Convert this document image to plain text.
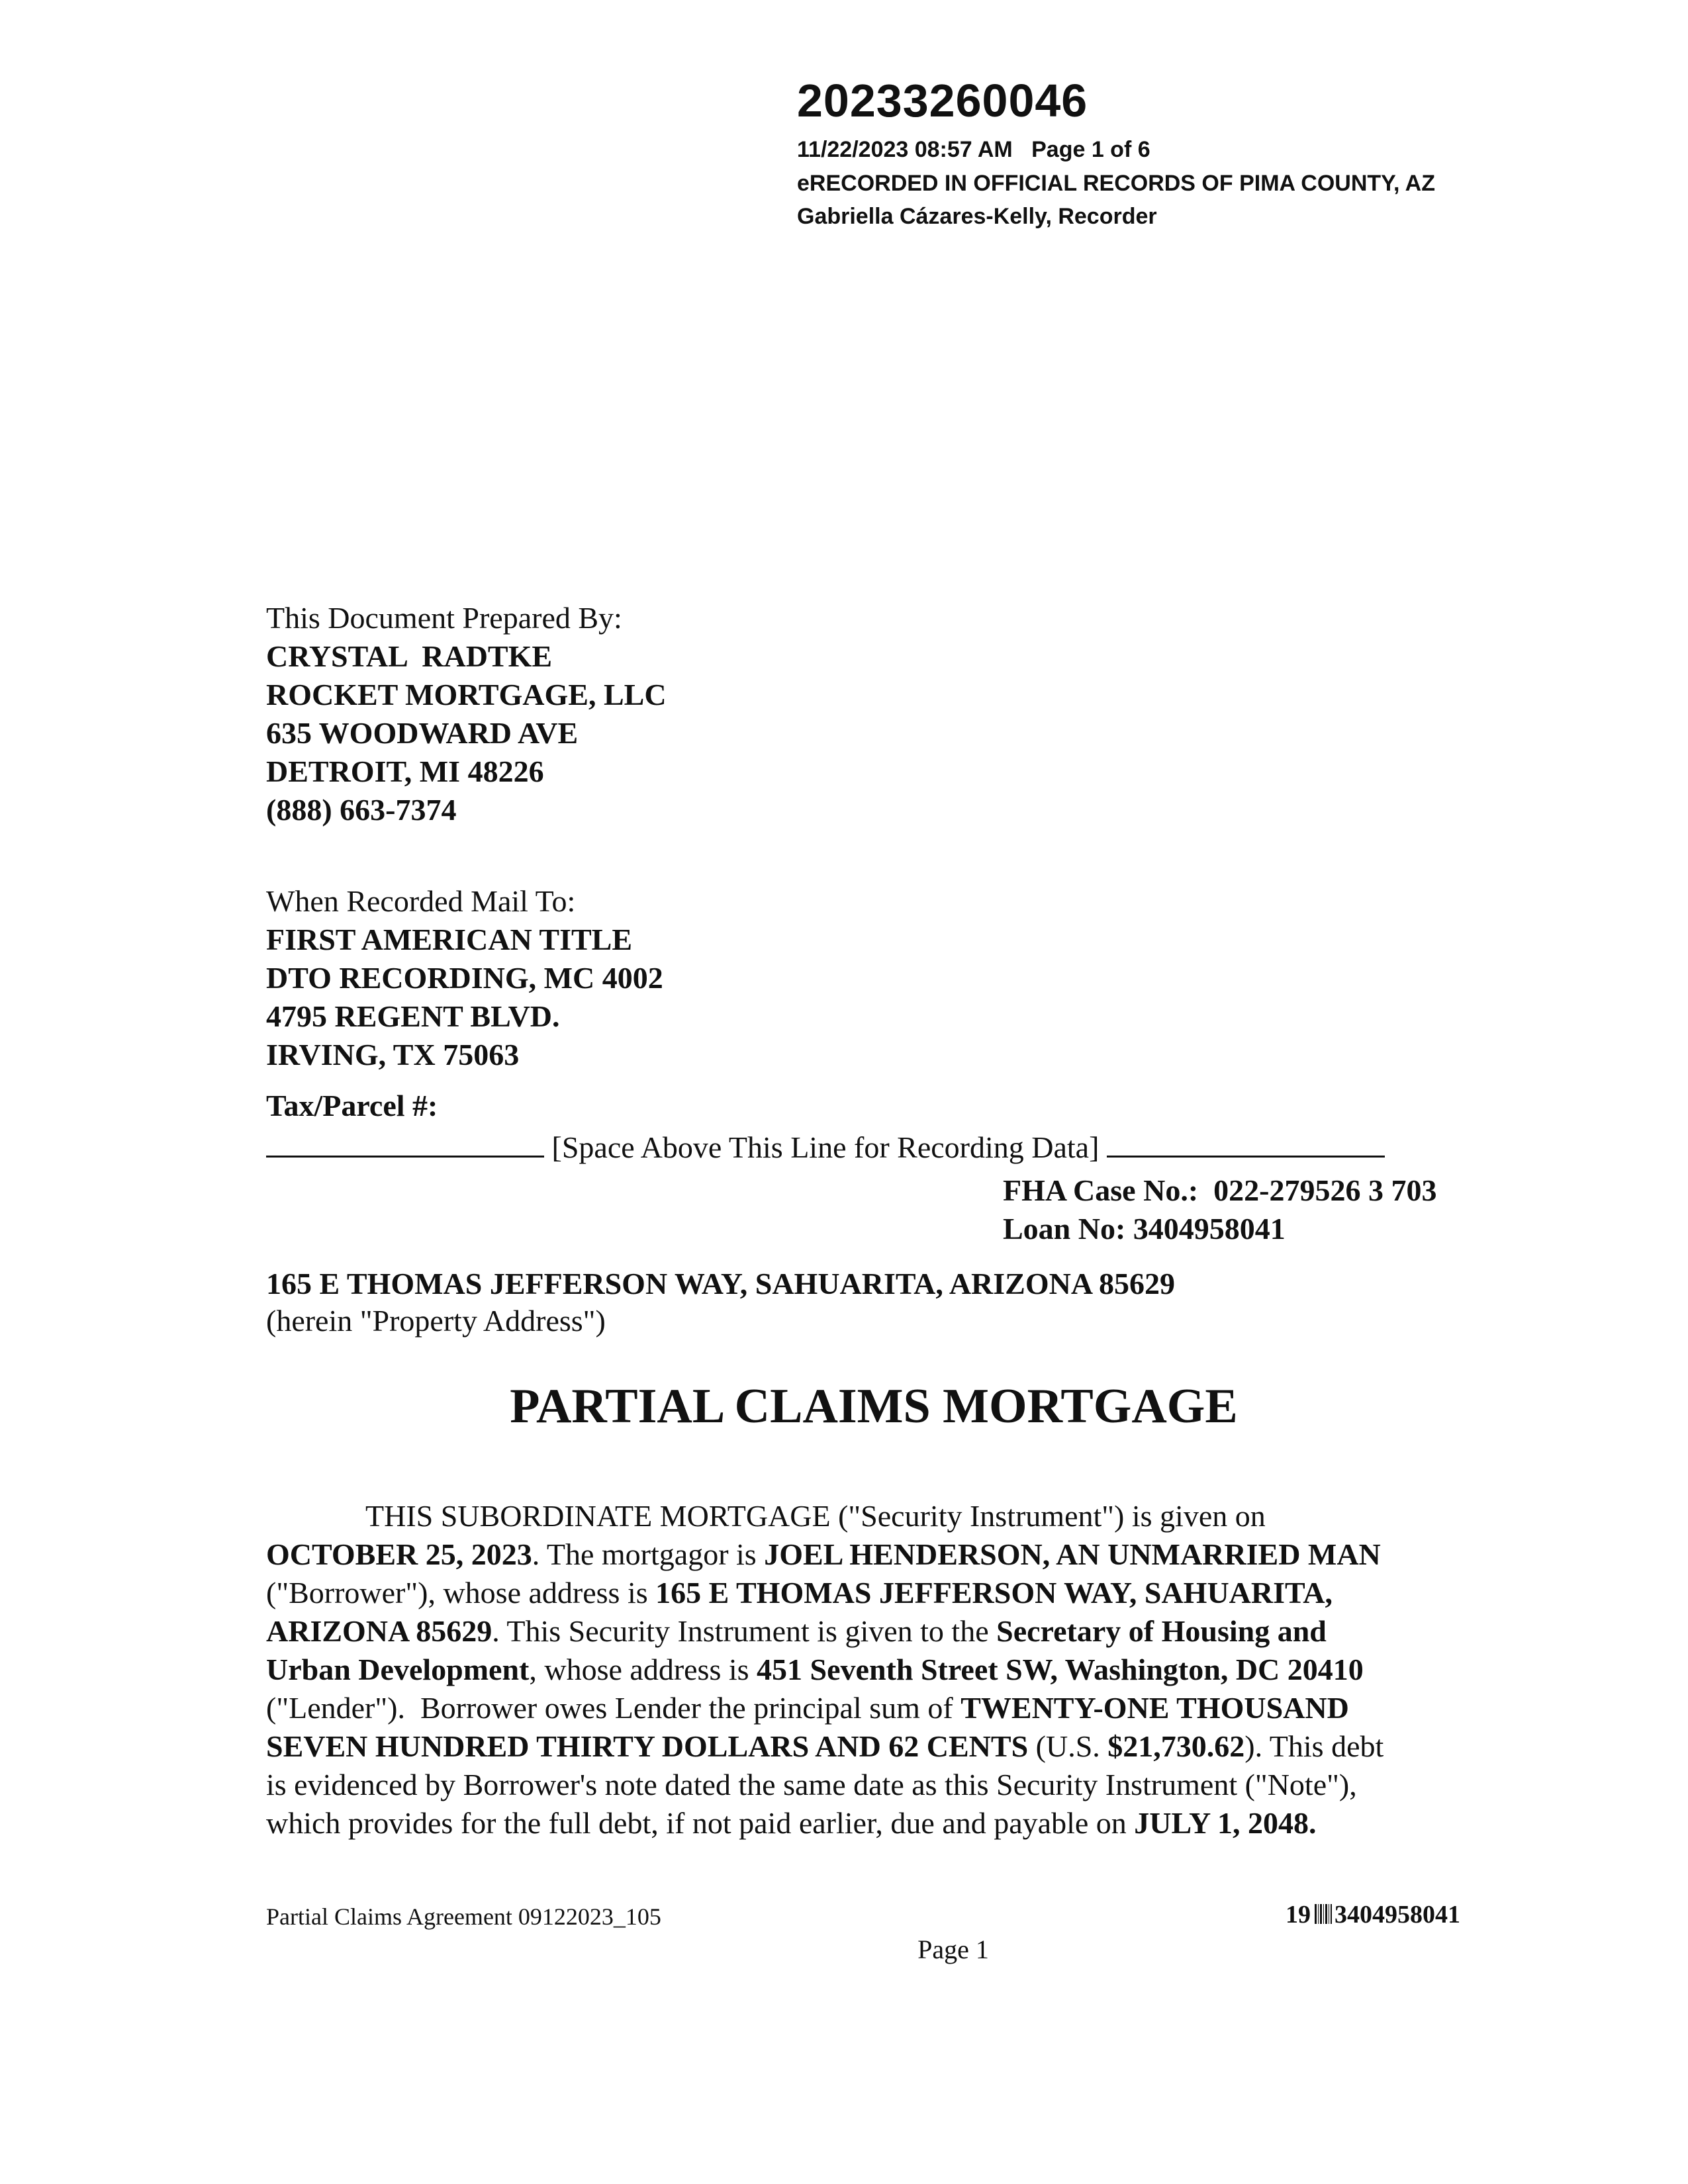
20233260046
11/22/2023 08:57 AM Page 1 of 6
eRECORDED IN OFFICIAL RECORDS OF PIMA COUNTY, AZ
Gabriella Cázares-Kelly, Recorder
This Document Prepared By:
CRYSTAL  RADTKE
ROCKET MORTGAGE, LLC
635 WOODWARD AVE
DETROIT, MI 48226
(888) 663-7374
When Recorded Mail To:
FIRST AMERICAN TITLE
DTO RECORDING, MC 4002
4795 REGENT BLVD.
IRVING, TX 75063
Tax/Parcel #:
[Space Above This Line for Recording Data]
FHA Case No.:  022-279526 3 703
Loan No: 3404958041
165 E THOMAS JEFFERSON WAY, SAHUARITA, ARIZONA 85629
(herein "Property Address")
PARTIAL CLAIMS MORTGAGE
THIS SUBORDINATE MORTGAGE ("Security Instrument") is given on
OCTOBER 25, 2023. The mortgagor is JOEL HENDERSON, AN UNMARRIED MAN
("Borrower"), whose address is 165 E THOMAS JEFFERSON WAY, SAHUARITA,
ARIZONA 85629. This Security Instrument is given to the Secretary of Housing and
Urban Development, whose address is 451 Seventh Street SW, Washington, DC 20410
("Lender").  Borrower owes Lender the principal sum of TWENTY-ONE THOUSAND
SEVEN HUNDRED THIRTY DOLLARS AND 62 CENTS (U.S. $21,730.62). This debt
is evidenced by Borrower's note dated the same date as this Security Instrument ("Note"),
which provides for the full debt, if not paid earlier, due and payable on JULY 1, 2048.
Partial Claims Agreement 09122023_105	19 3404958041
Page 1
